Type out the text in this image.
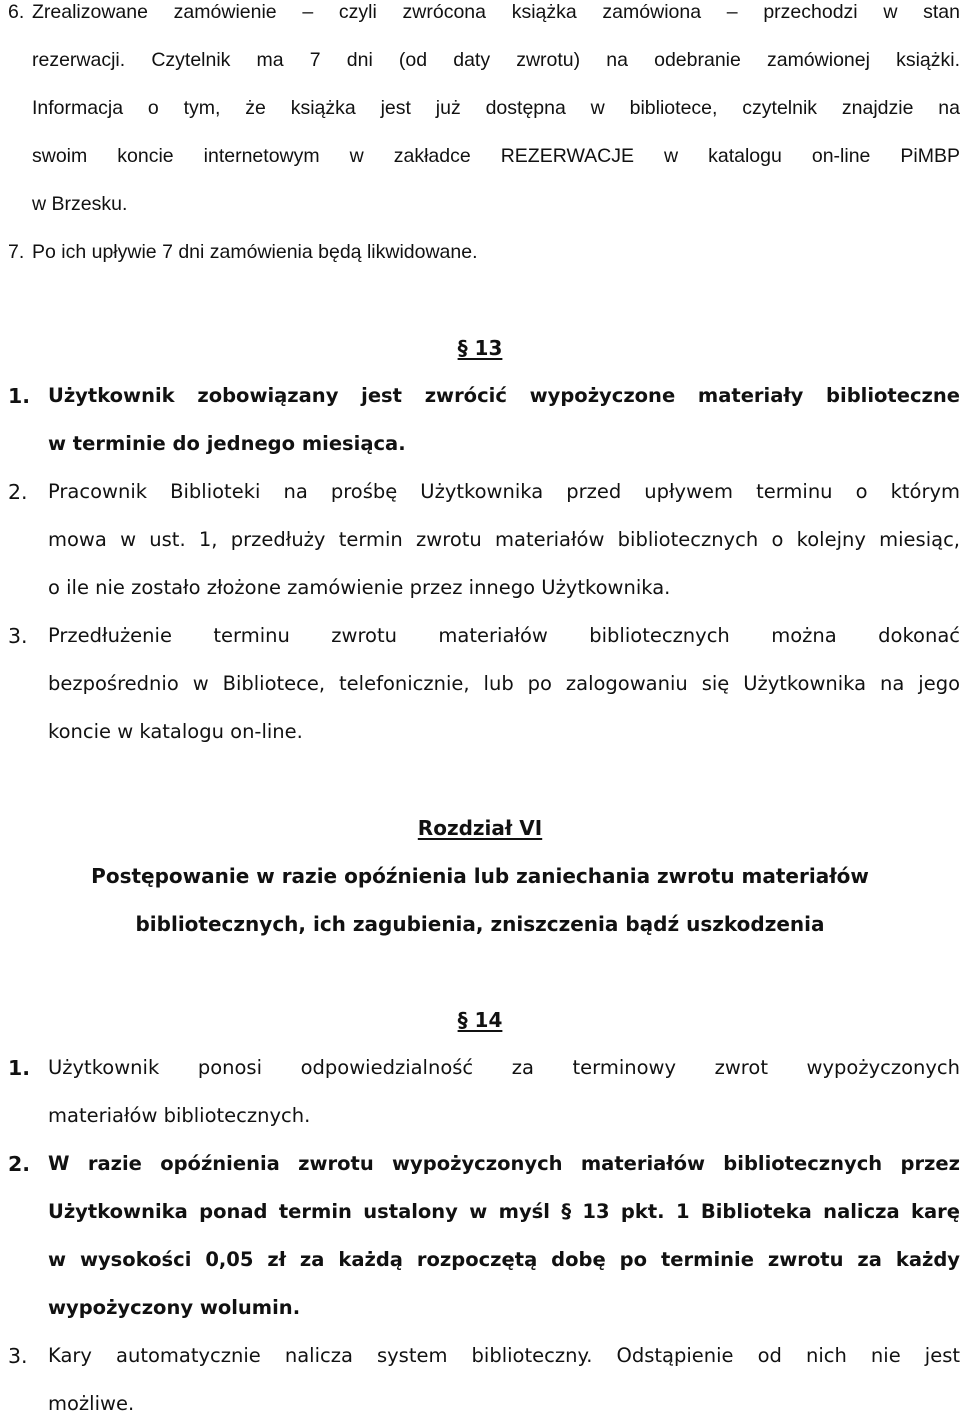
6. Zrealizowane zamówienie – czyli zwrócona książka zamówiona – przechodzi w stan
rezerwacji. Czytelnik ma 7 dni (od daty zwrotu) na odebranie zamówionej książki.
Informacja o tym, że książka jest już dostępna w bibliotece, czytelnik znajdzie na
swoim koncie internetowym w zakładce REZERWACJE w katalogu on-line PiMBP
w Brzesku.
7. Po ich upływie 7 dni zamówienia będą likwidowane.
§ 13
1. Użytkownik zobowiązany jest zwrócić wypożyczone materiały biblioteczne
w terminie do jednego miesiąca.
2. Pracownik Biblioteki na prośbę Użytkownika przed upływem terminu o którym
mowa w ust. 1, przedłuży termin zwrotu materiałów bibliotecznych o kolejny miesiąc,
o ile nie zostało złożone zamówienie przez innego Użytkownika.
3. Przedłużenie terminu zwrotu materiałów bibliotecznych można dokonać
bezpośrednio w Bibliotece, telefonicznie, lub po zalogowaniu się Użytkownika na jego
koncie w katalogu on-line.
Rozdział VI
Postępowanie w razie opóźnienia lub zaniechania zwrotu materiałów
bibliotecznych, ich zagubienia, zniszczenia bądź uszkodzenia
§ 14
1. Użytkownik ponosi odpowiedzialność za terminowy zwrot wypożyczonych
materiałów bibliotecznych.
2. W razie opóźnienia zwrotu wypożyczonych materiałów bibliotecznych przez
Użytkownika ponad termin ustalony w myśl § 13 pkt. 1 Biblioteka nalicza karę
w wysokości 0,05 zł za każdą rozpoczętą dobę po terminie zwrotu za każdy
wypożyczony wolumin.
3. Kary automatycznie nalicza system biblioteczny. Odstąpienie od nich nie jest
możliwe.
